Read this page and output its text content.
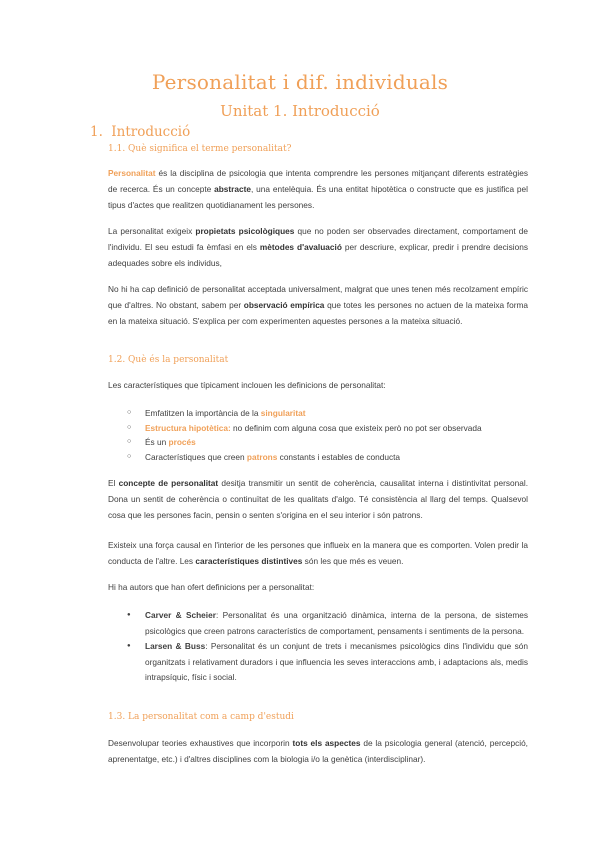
Personalitat i dif. individuals
Unitat 1. Introducció
1. Introducció
1.1. Què significa el terme personalitat?
Personalitat és la disciplina de psicologia que intenta comprendre les persones mitjançant diferents estratègies de recerca. És un concepte abstracte, una entelèquia. És una entitat hipotètica o constructe que es justifica pel tipus d'actes que realitzen quotidianament les persones.
La personalitat exigeix propietats psicològiques que no poden ser observades directament, comportament de l'individu. El seu estudi fa èmfasi en els mètodes d'avaluació per descriure, explicar, predir i prendre decisions adequades sobre els individus,
No hi ha cap definició de personalitat acceptada universalment, malgrat que unes tenen més recolzament empíric que d'altres. No obstant, sabem per observació empírica que totes les persones no actuen de la mateixa forma en la mateixa situació. S'explica per com experimenten aquestes persones a la mateixa situació.
1.2. Què és la personalitat
Les característiques que típicament inclouen les definicions de personalitat:
○ Emfatitzen la importància de la singularitat
○ Estructura hipotètica: no definim com alguna cosa que existeix però no pot ser observada
○ És un procés
○ Característiques que creen patrons constants i estables de conducta
El concepte de personalitat desitja transmitir un sentit de coherència, causalitat interna i distintivitat personal. Dona un sentit de coherència o continuïtat de les qualitats d'algo. Té consistència al llarg del temps. Qualsevol cosa que les persones facin, pensin o senten s'origina en el seu interior i són patrons.
Existeix una força causal en l'interior de les persones que influeix en la manera que es comporten. Volen predir la conducta de l'altre. Les característiques distintives són les que més es veuen.
Hi ha autors que han ofert definicions per a personalitat:
● Carver & Scheier: Personalitat és una organització dinàmica, interna de la persona, de sistemes psicològics que creen patrons característics de comportament, pensaments i sentiments de la persona.
● Larsen & Buss: Personalitat és un conjunt de trets i mecanismes psicològics dins l'individu que són organitzats i relativament duradors i que influencia les seves interaccions amb, i adaptacions als, medis intrapsíquic, físic i social.
1.3. La personalitat com a camp d'estudi
Desenvolupar teories exhaustives que incorporin tots els aspectes de la psicologia general (atenció, percepció, aprenentatge, etc.) i d'altres disciplines com la biologia i/o la genètica (interdisciplinar).
